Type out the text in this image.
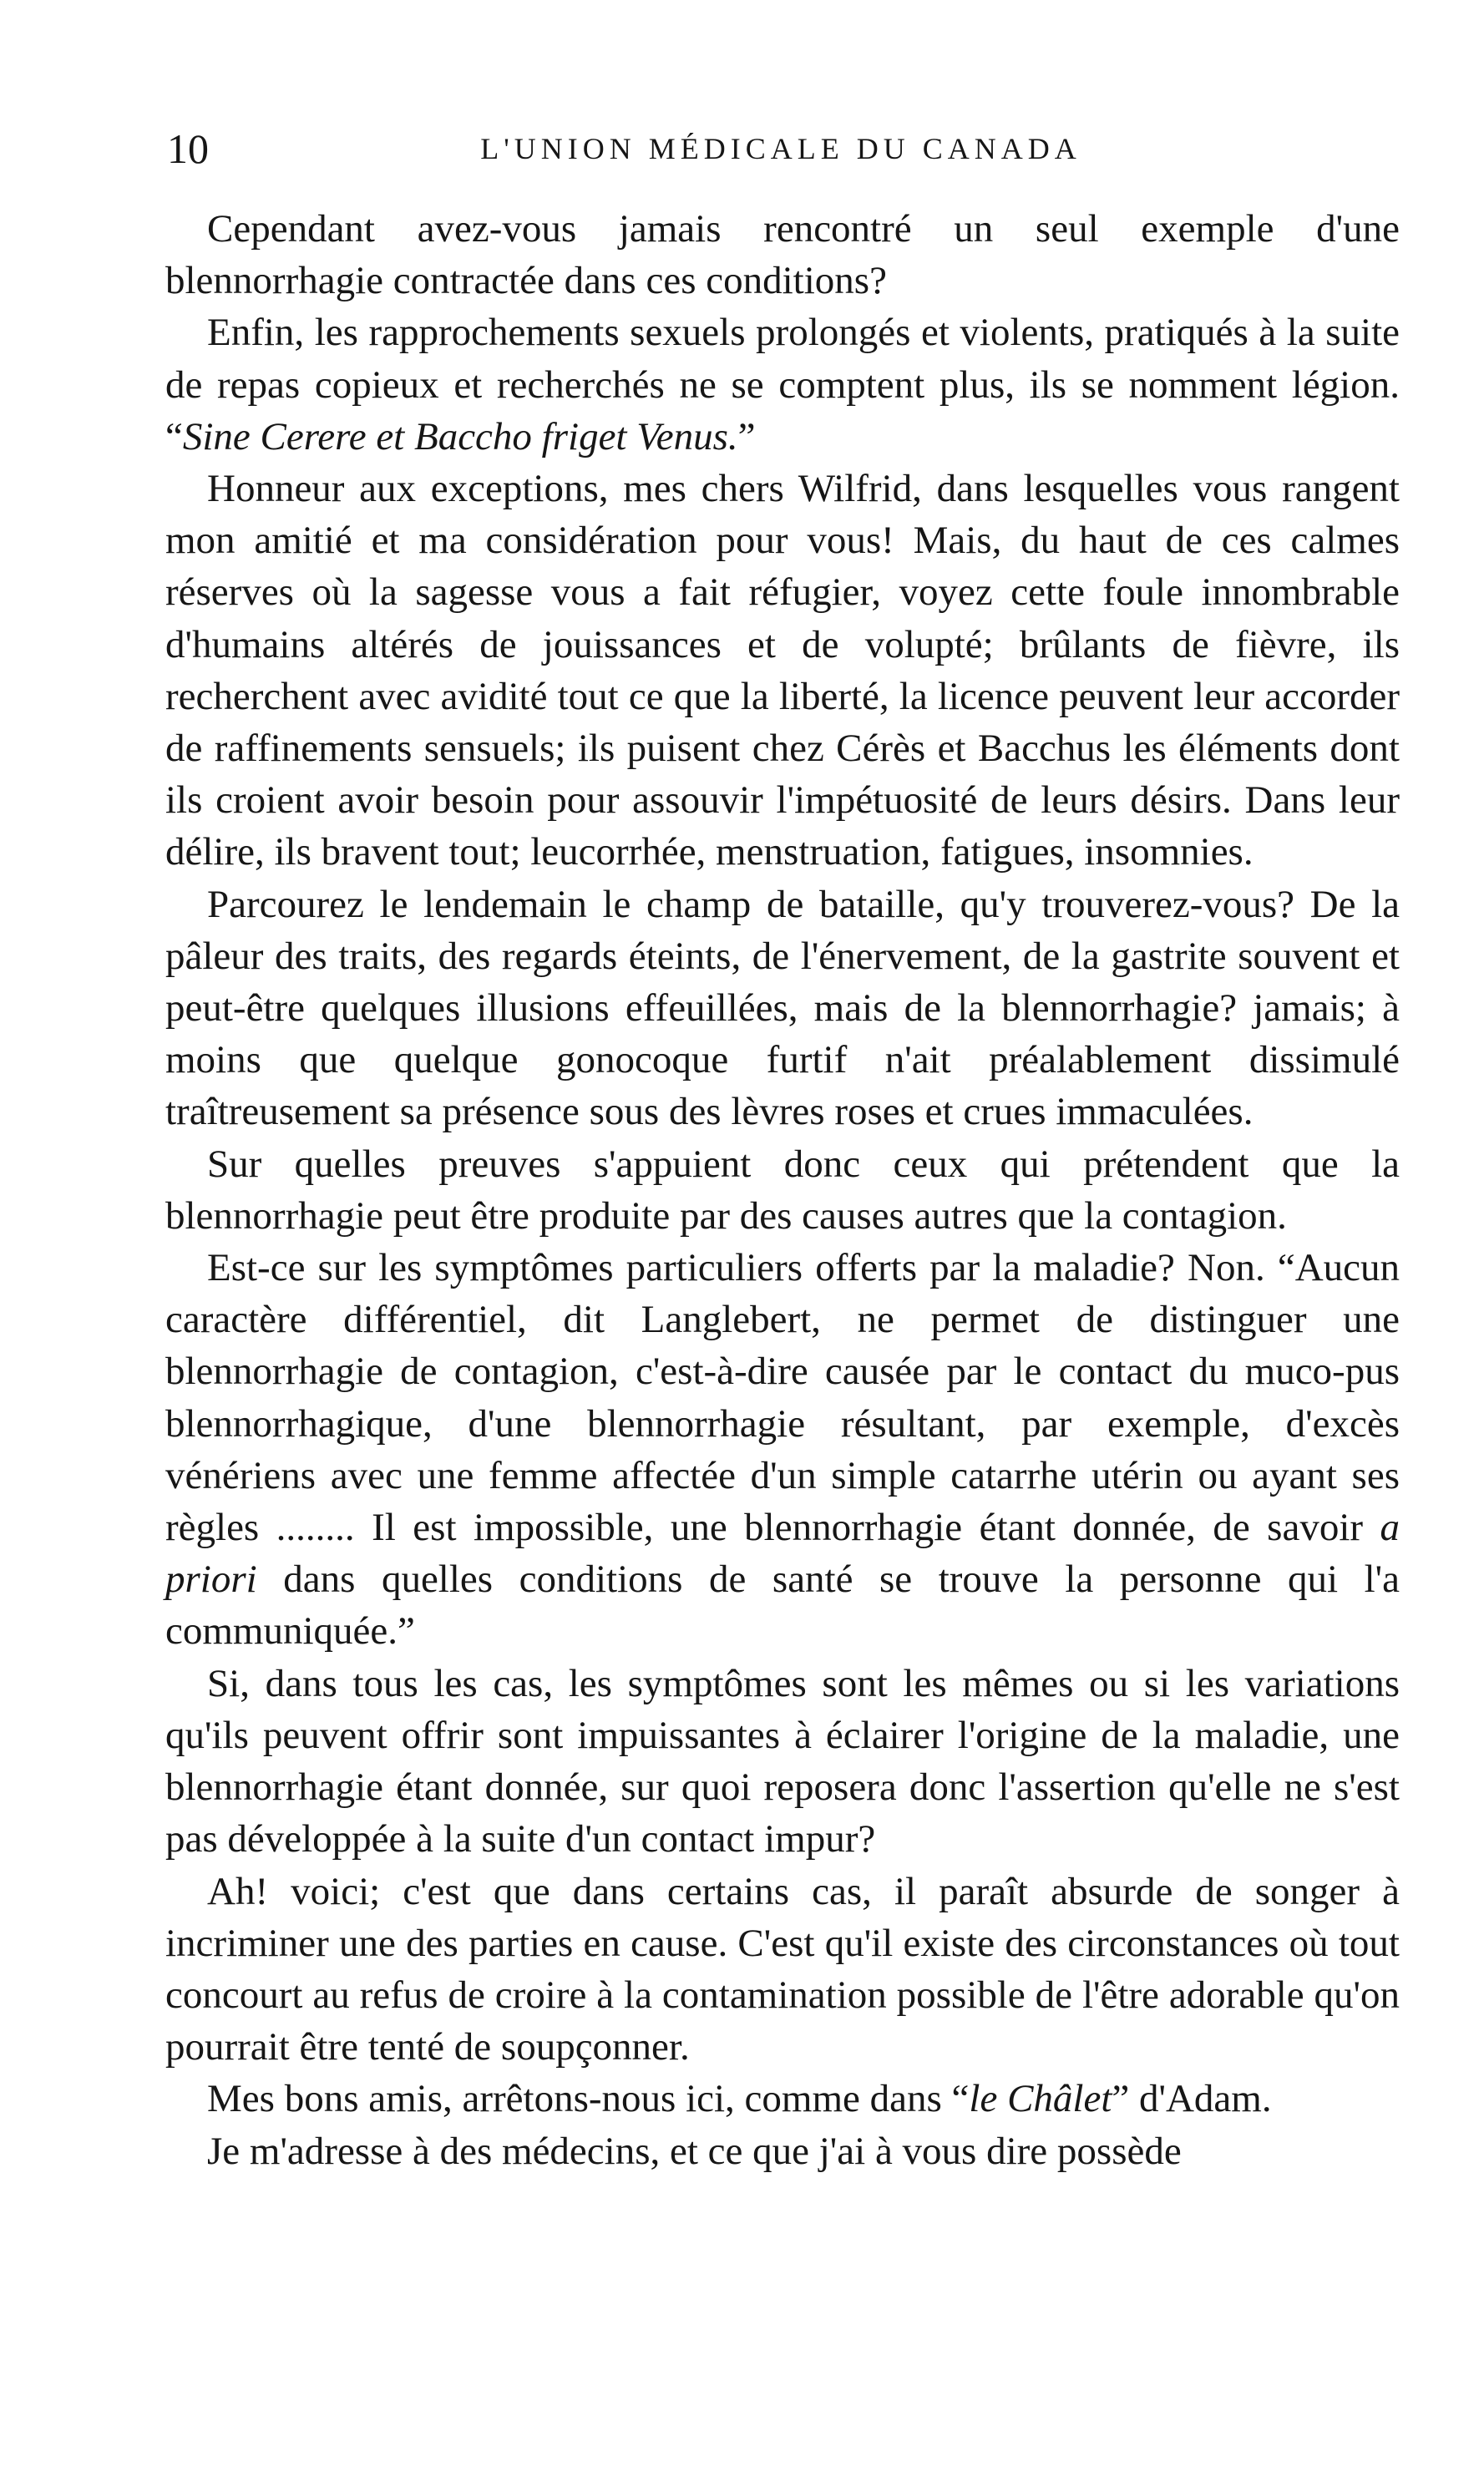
10	L'UNION MÉDICALE DU CANADA

Cependant avez-vous jamais rencontré un seul exemple d'une blennorrhagie contractée dans ces conditions?

Enfin, les rapprochements sexuels prolongés et violents, pratiqués à la suite de repas copieux et recherchés ne se comptent plus, ils se nomment légion. “Sine Cerere et Baccho friget Venus.”

Honneur aux exceptions, mes chers Wilfrid, dans lesquelles vous rangent mon amitié et ma considération pour vous! Mais, du haut de ces calmes réserves où la sagesse vous a fait réfugier, voyez cette foule innombrable d'humains altérés de jouissances et de volupté; brûlants de fièvre, ils recherchent avec avidité tout ce que la liberté, la licence peuvent leur accorder de raffinements sensuels; ils puisent chez Cérès et Bacchus les éléments dont ils croient avoir besoin pour assouvir l'impétuosité de leurs désirs. Dans leur délire, ils bravent tout; leucorrhée, menstruation, fatigues, insomnies.

Parcourez le lendemain le champ de bataille, qu'y trouverez-vous? De la pâleur des traits, des regards éteints, de l'énervement, de la gastrite souvent et peut-être quelques illusions effeuillées, mais de la blennorrhagie? jamais; à moins que quelque gonocoque furtif n'ait préalablement dissimulé traîtreusement sa présence sous des lèvres roses et crues immaculées.

Sur quelles preuves s'appuient donc ceux qui prétendent que la blennorrhagie peut être produite par des causes autres que la contagion.

Est-ce sur les symptômes particuliers offerts par la maladie? Non. “Aucun caractère différentiel, dit Langlebert, ne permet de distinguer une blennorrhagie de contagion, c'est-à-dire causée par le contact du muco-pus blennorrhagique, d'une blennorrhagie résultant, par exemple, d'excès vénériens avec une femme affectée d'un simple catarrhe utérin ou ayant ses règles ........ Il est impossible, une blennorrhagie étant donnée, de savoir a priori dans quelles conditions de santé se trouve la personne qui l'a communiquée.”

Si, dans tous les cas, les symptômes sont les mêmes ou si les variations qu'ils peuvent offrir sont impuissantes à éclairer l'origine de la maladie, une blennorrhagie étant donnée, sur quoi reposera donc l'assertion qu'elle ne s'est pas développée à la suite d'un contact impur?

Ah! voici; c'est que dans certains cas, il paraît absurde de songer à incriminer une des parties en cause. C'est qu'il existe des circonstances où tout concourt au refus de croire à la contamination possible de l'être adorable qu'on pourrait être tenté de soupçonner.

Mes bons amis, arrêtons-nous ici, comme dans “le Châlet” d'Adam.

Je m'adresse à des médecins, et ce que j'ai à vous dire possède
